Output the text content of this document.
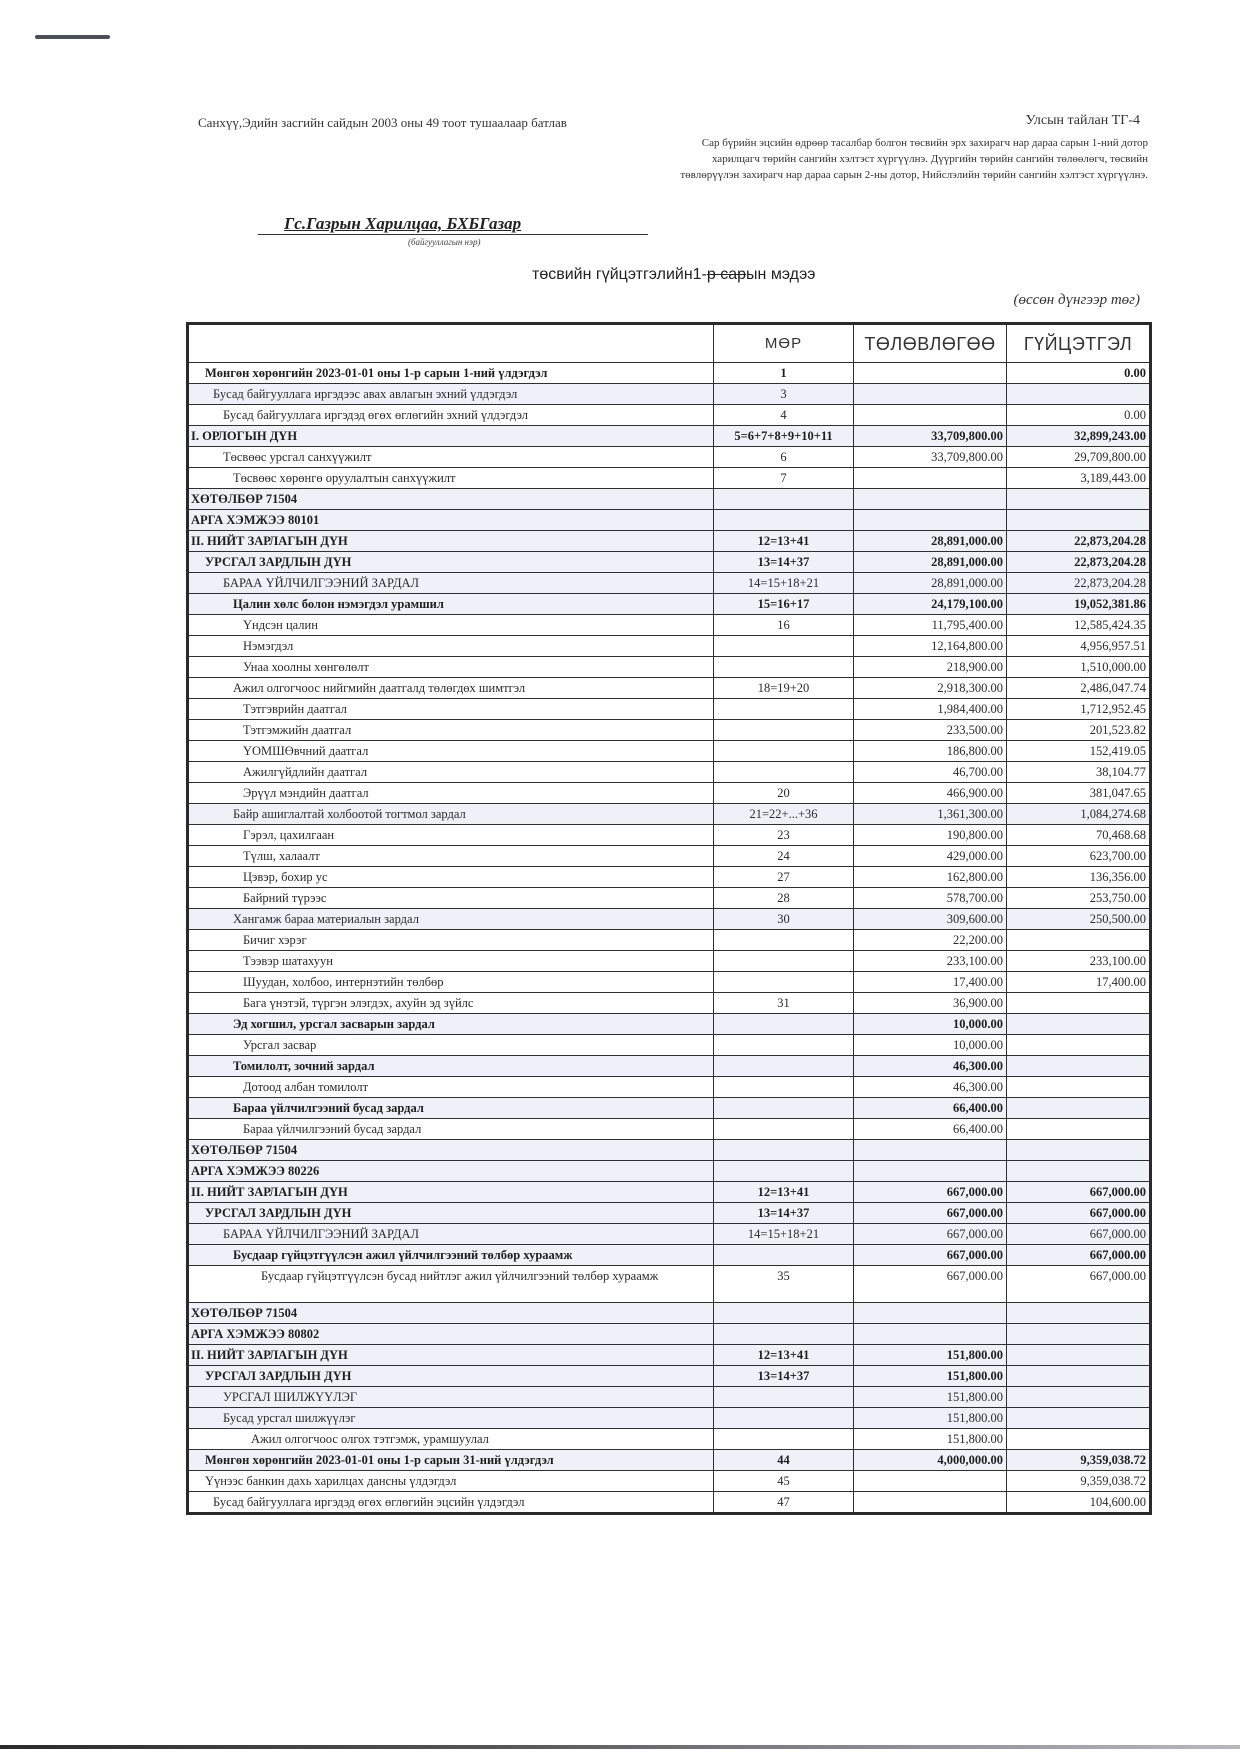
Санхүү,Эдийн засгийн сайдын 2003 оны 49 тоот тушаалаар батлав	Улсын тайлан ТГ-4
Сар бүрийн эцсийн өдрөөр тасалбар болгон төсвийн эрх захирагч нар дараа сарын 1-ний дотор харилцагч төрийн сангийн хэлтэст хүргүүлнэ. Дүүргийн төрийн сангийн төлөөлөгч, төсвийн төвлөрүүлэн захирагч нар дараа сарын 2-ны дотор, Нийслэлийн төрийн сангийн хэлтэст хүргүүлнэ.
Гс.Газрын Харилцаа, БХБГазар
(байгууллагын нэр)
төсвийн гүйцэтгэлийн1-р сарын мэдээ
(өссөн дүнгээр төг)
	МӨР	ТӨЛӨВЛӨГӨӨ	ГҮЙЦЭТГЭЛ
Мөнгөн хөрөнгийн 2023-01-01 оны 1-р сарын 1-ний үлдэгдэл	1		0.00
Бусад байгууллага иргэдээс авах авлагын эхний үлдэгдэл	3		
Бусад байгууллага иргэдэд өгөх өглөгийн эхний үлдэгдэл	4		0.00
I. ОРЛОГЫН ДҮН	5=6+7+8+9+10+11	33,709,800.00	32,899,243.00
Төсвөөс урсгал санхүүжилт	6	33,709,800.00	29,709,800.00
Төсвөөс хөрөнгө оруулалтын санхүүжилт	7		3,189,443.00
ХӨТӨЛБӨР 71504			
АРГА ХЭМЖЭЭ 80101			
II. НИЙТ ЗАРЛАГЫН ДҮН	12=13+41	28,891,000.00	22,873,204.28
УРСГАЛ ЗАРДЛЫН ДҮН	13=14+37	28,891,000.00	22,873,204.28
БАРАА ҮЙЛЧИЛГЭЭНИЙ ЗАРДАЛ	14=15+18+21	28,891,000.00	22,873,204.28
Цалин хөлс болон нэмэгдэл урамшил	15=16+17	24,179,100.00	19,052,381.86
Үндсэн цалин	16	11,795,400.00	12,585,424.35
Нэмэгдэл		12,164,800.00	4,956,957.51
Унаа хоолны хөнгөлөлт		218,900.00	1,510,000.00
Ажил олгогчоос нийгмийн даатгалд төлөгдөх шимтгэл	18=19+20	2,918,300.00	2,486,047.74
Тэтгэврийн даатгал		1,984,400.00	1,712,952.45
Тэтгэмжийн даатгал		233,500.00	201,523.82
ҮОМШӨвчний даатгал		186,800.00	152,419.05
Ажилгүйдлийн даатгал		46,700.00	38,104.77
Эрүүл мэндийн даатгал	20	466,900.00	381,047.65
Байр ашиглалтай холбоотой тогтмол зардал	21=22+...+36	1,361,300.00	1,084,274.68
Гэрэл, цахилгаан	23	190,800.00	70,468.68
Түлш, халаалт	24	429,000.00	623,700.00
Цэвэр, бохир ус	27	162,800.00	136,356.00
Байрний түрээс	28	578,700.00	253,750.00
Хангамж бараа материалын зардал	30	309,600.00	250,500.00
Бичиг хэрэг		22,200.00	
Тээвэр шатахуун		233,100.00	233,100.00
Шуудан, холбоо, интернэтийн төлбөр		17,400.00	17,400.00
Бага үнэтэй, түргэн элэгдэх, ахуйн эд зүйлс	31	36,900.00	
Эд хогшил, урсгал засварын зардал		10,000.00	
Урсгал засвар		10,000.00	
Томилолт, зочний зардал		46,300.00	
Дотоод албан томилолт		46,300.00	
Бараа үйлчилгээний бусад зардал		66,400.00	
Бараа үйлчилгээний бусад зардал		66,400.00	
ХӨТӨЛБӨР 71504			
АРГА ХЭМЖЭЭ 80226			
II. НИЙТ ЗАРЛАГЫН ДҮН	12=13+41	667,000.00	667,000.00
УРСГАЛ ЗАРДЛЫН ДҮН	13=14+37	667,000.00	667,000.00
БАРАА ҮЙЛЧИЛГЭЭНИЙ ЗАРДАЛ	14=15+18+21	667,000.00	667,000.00
Бусдаар гүйцэтгүүлсэн ажил үйлчилгээний төлбөр хураамж		667,000.00	667,000.00
Бусдаар гүйцэтгүүлсэн бусад нийтлэг ажил үйлчилгээний төлбөр хураамж	35	667,000.00	667,000.00
ХӨТӨЛБӨР 71504			
АРГА ХЭМЖЭЭ 80802			
II. НИЙТ ЗАРЛАГЫН ДҮН	12=13+41	151,800.00	
УРСГАЛ ЗАРДЛЫН ДҮН	13=14+37	151,800.00	
УРСГАЛ ШИЛЖҮҮЛЭГ		151,800.00	
Бусад урсгал шилжүүлэг		151,800.00	
Ажил олгогчоос олгох тэтгэмж, урамшуулал		151,800.00	
Мөнгөн хөрөнгийн 2023-01-01 оны 1-р сарын 31-ний үлдэгдэл	44	4,000,000.00	9,359,038.72
Үүнээс банкин дахь харилцах дансны үлдэгдэл	45		9,359,038.72
Бусад байгууллага иргэдэд өгөх өглөгийн эцсийн үлдэгдэл	47		104,600.00
